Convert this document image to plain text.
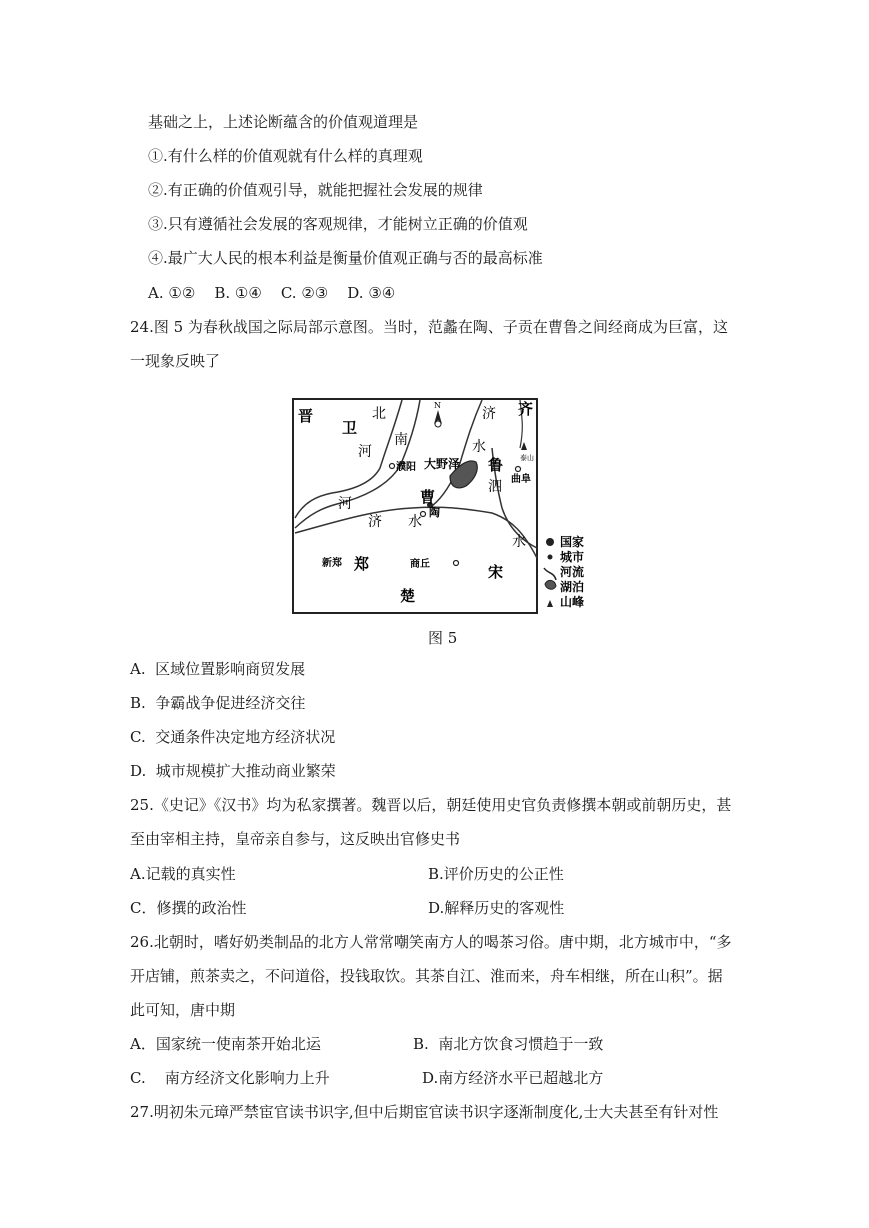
基础之上，上述论断蕴含的价值观道理是
①.有什么样的价值观就有什么样的真理观
②.有正确的价值观引导，就能把握社会发展的规律
③.只有遵循社会发展的客观规律，才能树立正确的价值观
④.最广大人民的根本利益是衡量价值观正确与否的最高标准
A. ①②    B. ①④    C. ②③    D. ③④
24.图 5 为春秋战国之际局部示意图。当时，范蠡在陶、子贡在曹鲁之间经商成为巨富，这
一现象反映了
晋
卫
齐
鲁
曹
郑	宋
楚
濮阳
曲阜
陶
新郑	商丘
北
河
南
河
济
水
泗
济 水
水
大野泽
N
泰山
国家
城市
河流
湖泊
山峰
图 5
A.  区域位置影响商贸发展
B.  争霸战争促进经济交往
C.  交通条件决定地方经济状况
D.  城市规模扩大推动商业繁荣
25.《史记》《汉书》均为私家撰著。魏晋以后，朝廷使用史官负责修撰本朝或前朝历史，甚
至由宰相主持，皇帝亲自参与，这反映出官修史书
A.记载的真实性	B.评价历史的公正性
C．修撰的政治性	D.解释历史的客观性
26.北朝时，嗜好奶类制品的北方人常常嘲笑南方人的喝茶习俗。唐中期，北方城市中，“多
开店铺，煎茶卖之，不问道俗，投钱取饮。其茶自江、淮而来，舟车相继，所在山积”。据
此可知，唐中期
A．国家统一使南茶开始北运	B.  南北方饮食习惯趋于一致
C.    南方经济文化影响力上升	D.南方经济水平已超越北方
27.明初朱元璋严禁宦官读书识字,但中后期宦官读书识字逐渐制度化,士大夫甚至有针对性
